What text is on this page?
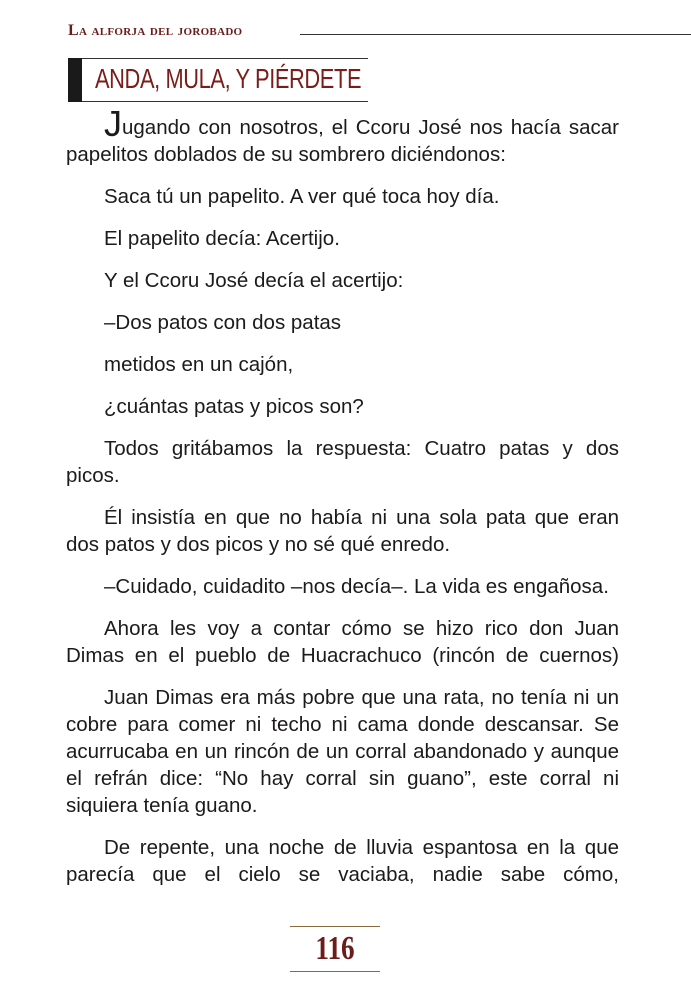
La alforja del jorobado
ANDA, MULA, Y PIÉRDETE

Jugando con nosotros, el Ccoru José nos hacía sacar papelitos doblados de su sombrero diciéndonos:

Saca tú un papelito. A ver qué toca hoy día.

El papelito decía: Acertijo.

Y el Ccoru José decía el acertijo:

–Dos patos con dos patas

metidos en un cajón,

¿cuántas patas y picos son?

Todos gritábamos la respuesta: Cuatro patas y dos picos.

Él insistía en que no había ni una sola pata que eran dos patos y dos picos y no sé qué enredo.

–Cuidado, cuidadito –nos decía–. La vida es engañosa.

Ahora les voy a contar cómo se hizo rico don Juan Dimas en el pueblo de Huacrachuco (rincón de cuernos)

Juan Dimas era más pobre que una rata, no tenía ni un cobre para comer ni techo ni cama donde descansar. Se acurrucaba en un rincón de un corral abandonado y aunque el refrán dice: “No hay corral sin guano”, este corral ni siquiera tenía guano.

De repente, una noche de lluvia espantosa en la que parecía que el cielo se vaciaba, nadie sabe cómo,

116
